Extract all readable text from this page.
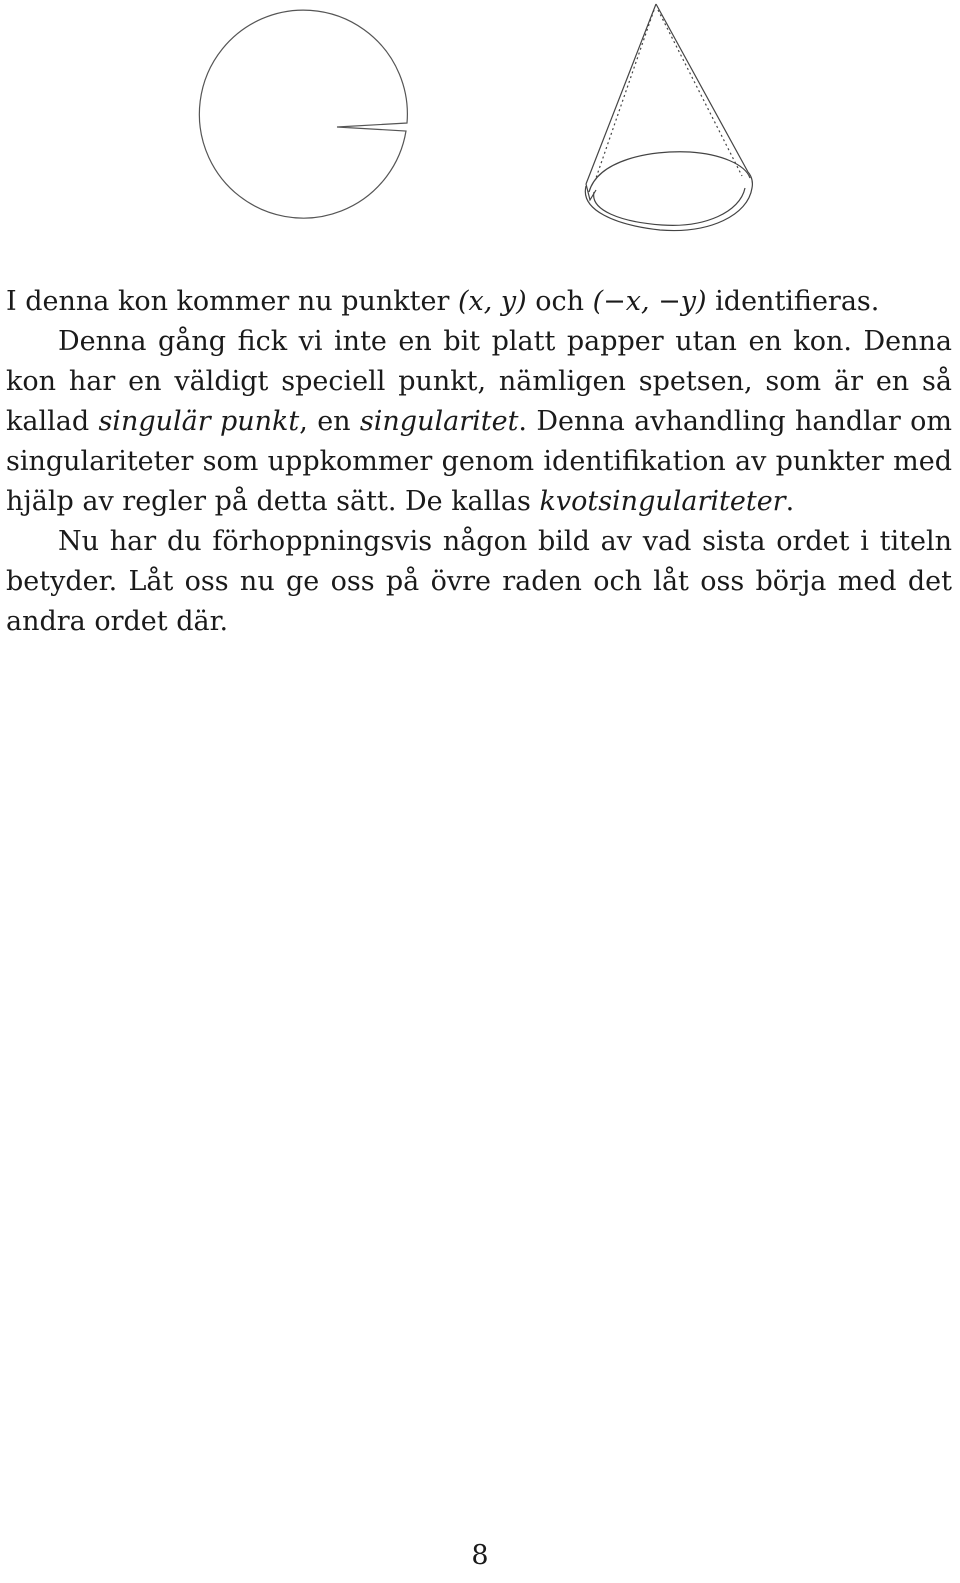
I denna kon kommer nu punkter (x, y) och (−x, −y) identifieras.

Denna gång fick vi inte en bit platt papper utan en kon. Denna kon har en väldigt speciell punkt, nämligen spetsen, som är en så kallad singulär punkt, en singularitet. Denna avhandling handlar om singulariteter som uppkommer genom identifikation av punkter med hjälp av regler på detta sätt. De kallas kvotsingulariteter.

Nu har du förhoppningsvis någon bild av vad sista ordet i titeln betyder. Låt oss nu ge oss på övre raden och låt oss börja med det andra ordet där.

8
